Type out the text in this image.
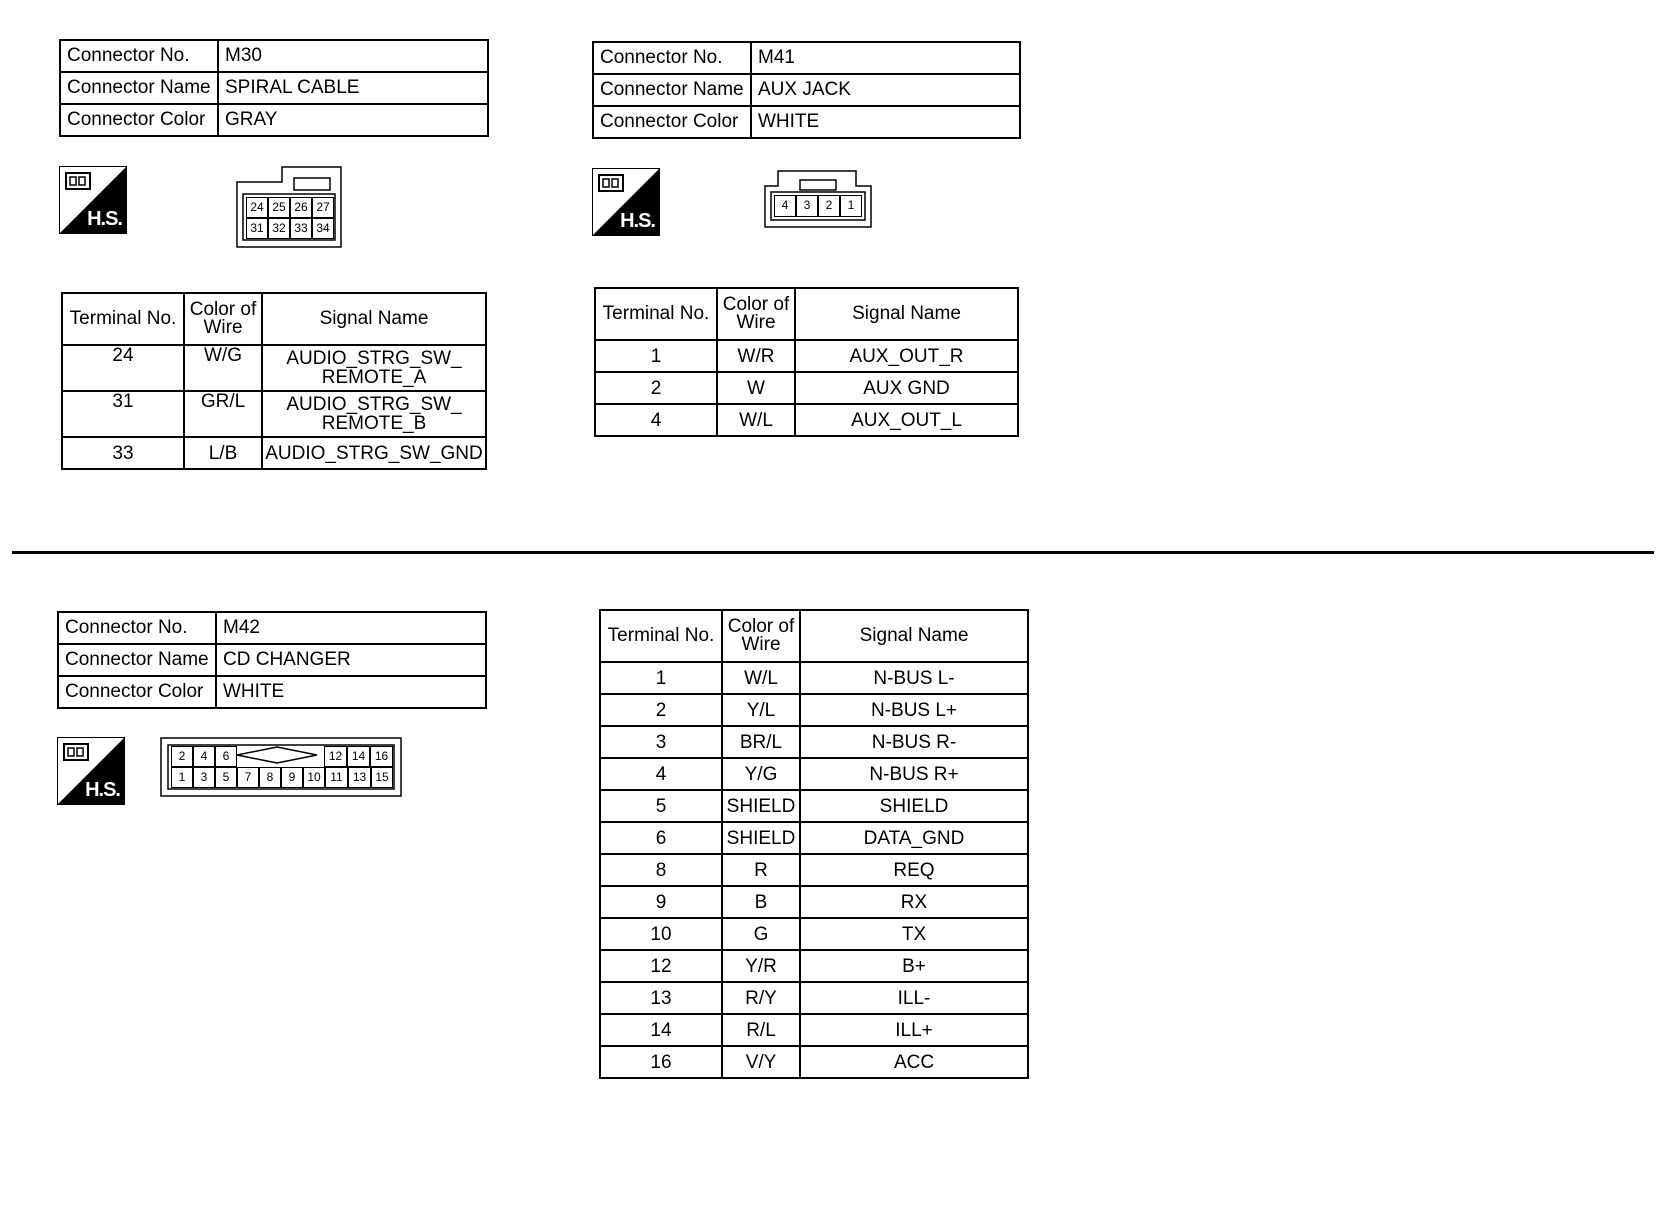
Connector No.	M30
Connector Name	SPIRAL CABLE
Connector Color	GRAY
H.S.
24 25 26 27
31 32 33 34
Terminal No.	Color of Wire	Signal Name
24	W/G	AUDIO_STRG_SW_ REMOTE_A
31	GR/L	AUDIO_STRG_SW_ REMOTE_B
33	L/B	AUDIO_STRG_SW_GND
Connector No.	M41
Connector Name	AUX JACK
Connector Color	WHITE
H.S.
4	3	2	1
Terminal No.	Color of Wire	Signal Name
1	W/R	AUX_OUT_R
2	W	AUX GND
4	W/L	AUX_OUT_L
Connector No.	M42
Connector Name	CD CHANGER
Connector Color	WHITE
H.S.
2	4	6	12 14 16
1	3	5	7	8	9 10 11 13 15
Terminal No.	Color of Wire	Signal Name
1	W/L	N-BUS L-
2	Y/L	N-BUS L+
3	BR/L	N-BUS R-
4	Y/G	N-BUS R+
5	SHIELD	SHIELD
6	SHIELD	DATA_GND
8	R	REQ
9	B	RX
10	G	TX
12	Y/R	B+
13	R/Y	ILL-
14	R/L	ILL+
16	V/Y	ACC
